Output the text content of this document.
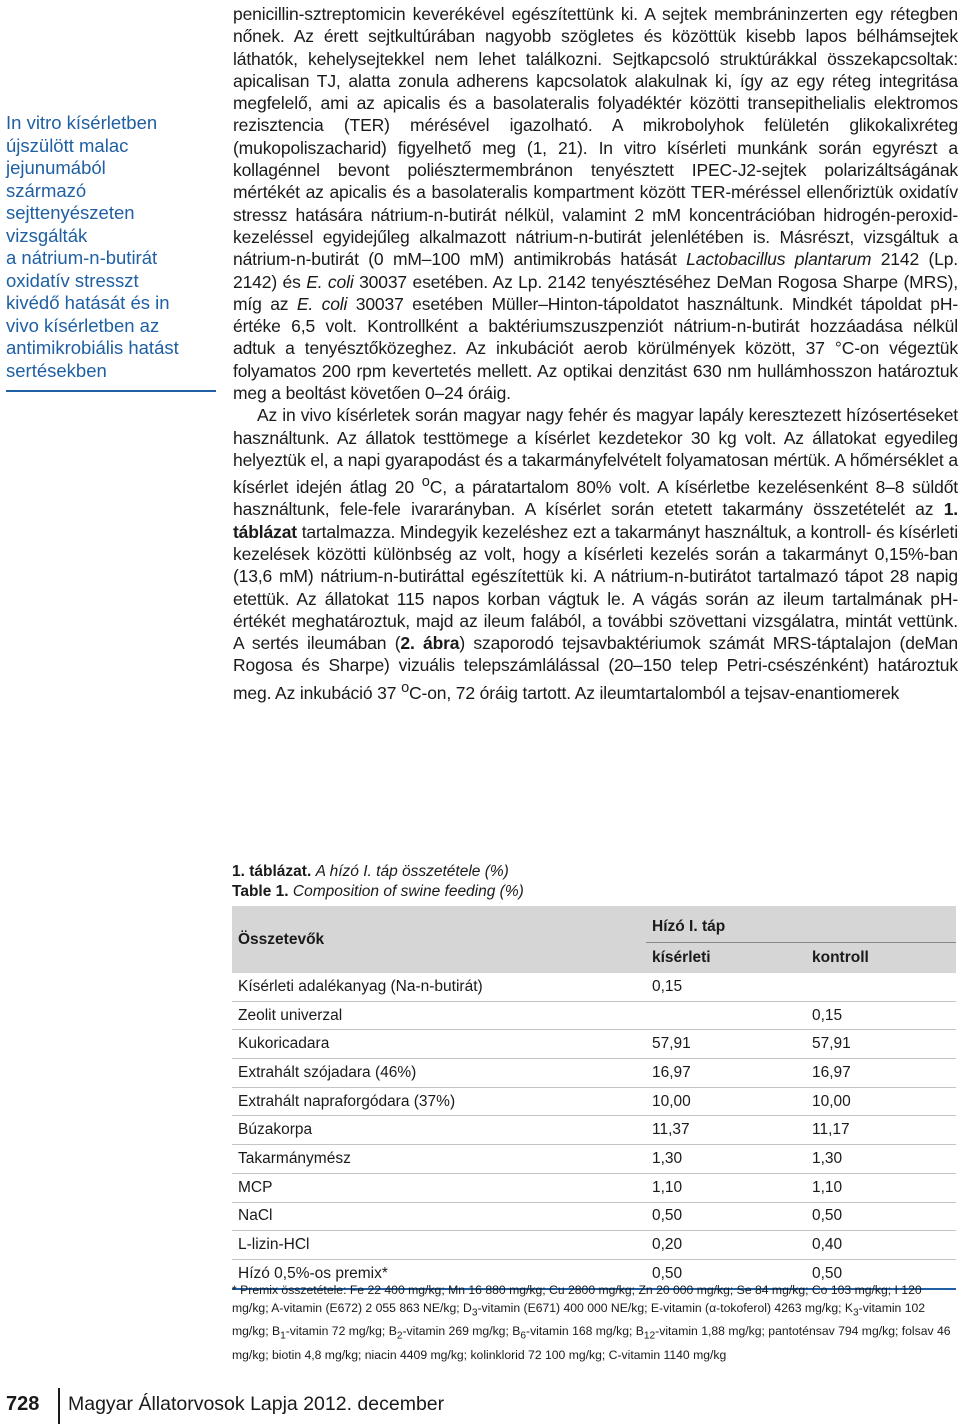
In vitro kísérletben
újszülött malac
jejunumából
származó
sejttenyészeten
vizsgálták
a nátrium-n-butirát
oxidatív stresszt
kivédő hatását és in
vivo kísérletben az
antimikrobiális hatást
sertésekben

penicillin-sztreptomicin keverékével egészítettünk ki. A sejtek membráninzerten egy rétegben nőnek. Az érett sejtkultúrában nagyobb szögletes és közöttük kisebb lapos bélhámsejtek láthatók, kehelysejtekkel nem lehet találkozni. Sejtkapcsoló struktúrákkal összekapcsoltak: apicalisan TJ, alatta zonula adherens kapcsolatok alakulnak ki, így az egy réteg integritása megfelelő, ami az apicalis és a basolateralis folyadéktér közötti transepithelialis elektromos rezisztencia (TER) mérésével igazolható. A mikrobolyhok felületén glikokalixréteg (mukopoliszacharid) figyelhető meg (1, 21). In vitro kísérleti munkánk során egyrészt a kollagénnel bevont poliésztermembránon tenyésztett IPEC-J2-sejtek polarizáltságának mértékét az apicalis és a basolateralis kompartment között TER-méréssel ellenőriztük oxidatív stressz hatására nátrium-n-butirát nélkül, valamint 2 mM koncentrációban hidrogén-peroxid-kezeléssel egyidejűleg alkalmazott nátrium-n-butirát jelenlétében is. Másrészt, vizsgáltuk a nátrium-n-butirát (0 mM–100 mM) antimikrobás hatását Lactobacillus plantarum 2142 (Lp. 2142) és E. coli 30037 esetében. Az Lp. 2142 tenyésztéséhez DeMan Rogosa Sharpe (MRS), míg az E. coli 30037 esetében Müller–Hinton-tápoldatot használtunk. Mindkét tápoldat pH-értéke 6,5 volt. Kontrollként a baktériumszuszpenziót nátrium-n-butirát hozzáadása nélkül adtuk a tenyésztőközeghez. Az inkubációt aerob körülmények között, 37 °C-on végeztük folyamatos 200 rpm kevertetés mellett. Az optikai denzitást 630 nm hullámhosszon határoztuk meg a beoltást követően 0–24 óráig.

Az in vivo kísérletek során magyar nagy fehér és magyar lapály keresztezett hízósertéseket használtunk. Az állatok testtömege a kísérlet kezdetekor 30 kg volt. Az állatokat egyedileg helyeztük el, a napi gyarapodást és a takarmányfelvételt folyamatosan mértük. A hőmérséklet a kísérlet idején átlag 20 $^o$C, a páratartalom 80% volt. A kísérletbe kezelésenként 8–8 süldőt használtunk, fele-fele ivararányban. A kísérlet során etetett takarmány összetételét az 1. táblázat tartalmazza. Mindegyik kezeléshez ezt a takarmányt használtuk, a kontroll- és kísérleti kezelések közötti különbség az volt, hogy a kísérleti kezelés során a takarmányt 0,15%-ban (13,6 mM) nátrium-n-butiráttal egészítettük ki. A nátrium-n-butirátot tartalmazó tápot 28 napig etettük. Az állatokat 115 napos korban vágtuk le. A vágás során az ileum tartalmának pH-értékét meghatároztuk, majd az ileum falából, a további szövettani vizsgálatra, mintát vettünk. A sertés ileumában (2. ábra) szaporodó tejsavbaktériumok számát MRS-táptalajon (deMan Rogosa és Sharpe) vizuális telepszámlálással (20–150 telep Petri-csészénként) határoztuk meg. Az inkubáció 37 $^o$C-on, 72 óráig tartott. Az ileumtartalomból a tejsav-enantiomerek

1. táblázat. A hízó I. táp összetétele (%)
Table 1. Composition of swine feeding (%)
Összetevők	Hízó I. táp	
	kísérleti	kontroll
Kísérleti adalékanyag (Na-n-butirát)	0,15	
Zeolit univerzal		0,15
Kukoricadara	57,91	57,91
Extrahált szójadara (46%)	16,97	16,97
Extrahált napraforgódara (37%)	10,00	10,00
Búzakorpa	11,37	11,17
Takarmánymész	1,30	1,30
MCP	1,10	1,10
NaCl	0,50	0,50
L-lizin-HCl	0,20	0,40
Hízó 0,5%-os premix*	0,50	0,50
* Premix összetétele: Fe 22 400 mg/kg; Mn 16 880 mg/kg; Cu 2800 mg/kg; Zn 20 000 mg/kg; Se 84 mg/kg; Co 103 mg/kg; I 120 mg/kg; A-vitamin (E672) 2 055 863 NE/kg; $D_3$-vitamin (E671) 400 000 NE/kg; E-vitamin (α-tokoferol) 4263 mg/kg; $K_3$-vitamin 102 mg/kg; $B_1$-vitamin 72 mg/kg; $B_2$-vitamin 269 mg/kg; $B_6$-vitamin 168 mg/kg; $B_{12}$-vitamin 1,88 mg/kg; pantoténsav 794 mg/kg; folsav 46 mg/kg; biotin 4,8 mg/kg; niacin 4409 mg/kg; kolinklorid 72 100 mg/kg; C-vitamin 1140 mg/kg
728 Magyar Állatorvosok Lapja 2012. december
